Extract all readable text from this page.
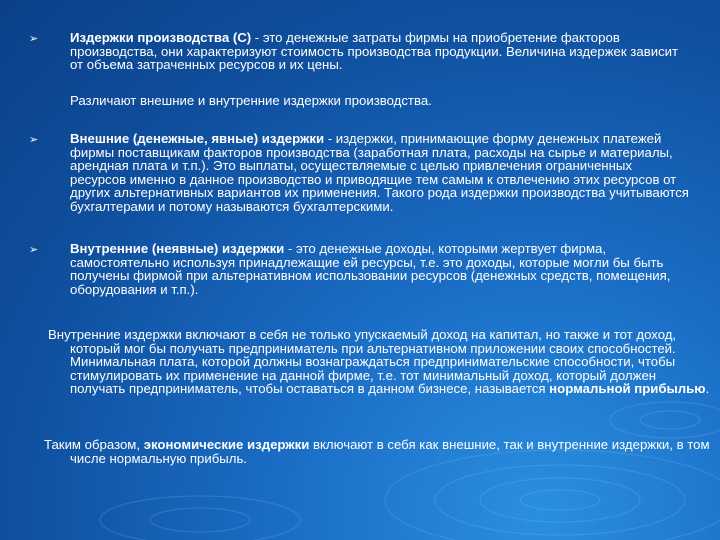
➢ Издержки производства (С) - это денежные затраты фирмы на приобретение факторов производства, они характеризуют стоимость производства продукции. Величина издержек зависит от объема затраченных ресурсов и их цены.
Различают внешние и внутренние издержки производства.
➢ Внешние (денежные, явные) издержки - издержки, принимающие форму денежных платежей фирмы поставщикам факторов производства (заработная плата, расходы на сырье и материалы, арендная плата и т.п.). Это выплаты, осуществляемые с целью привлечения ограниченных ресурсов именно в данное производство и приводящие тем самым к отвлечению этих ресурсов от других альтернативных вариантов их применения. Такого рода издержки производства учитываются бухгалтерами и потому называются бухгалтерскими.
➢ Внутренние (неявные) издержки - это денежные доходы, которыми жертвует фирма, самостоятельно используя принадлежащие ей ресурсы, т.е. это доходы, которые могли бы быть получены фирмой при альтернативном использовании ресурсов (денежных средств, помещения, оборудования и т.п.).
Внутренние издержки включают в себя не только упускаемый доход на капитал, но также и тот доход, который мог бы получать предприниматель при альтернативном приложении своих способностей. Минимальная плата, которой должны вознаграждаться предпринимательские способности, чтобы стимулировать их применение на данной фирме, т.е. тот минимальный доход, который должен получать предприниматель, чтобы оставаться в данном бизнесе, называется нормальной прибылью.
Таким образом, экономические издержки включают в себя как внешние, так и внутренние издержки, в том числе нормальную прибыль.
